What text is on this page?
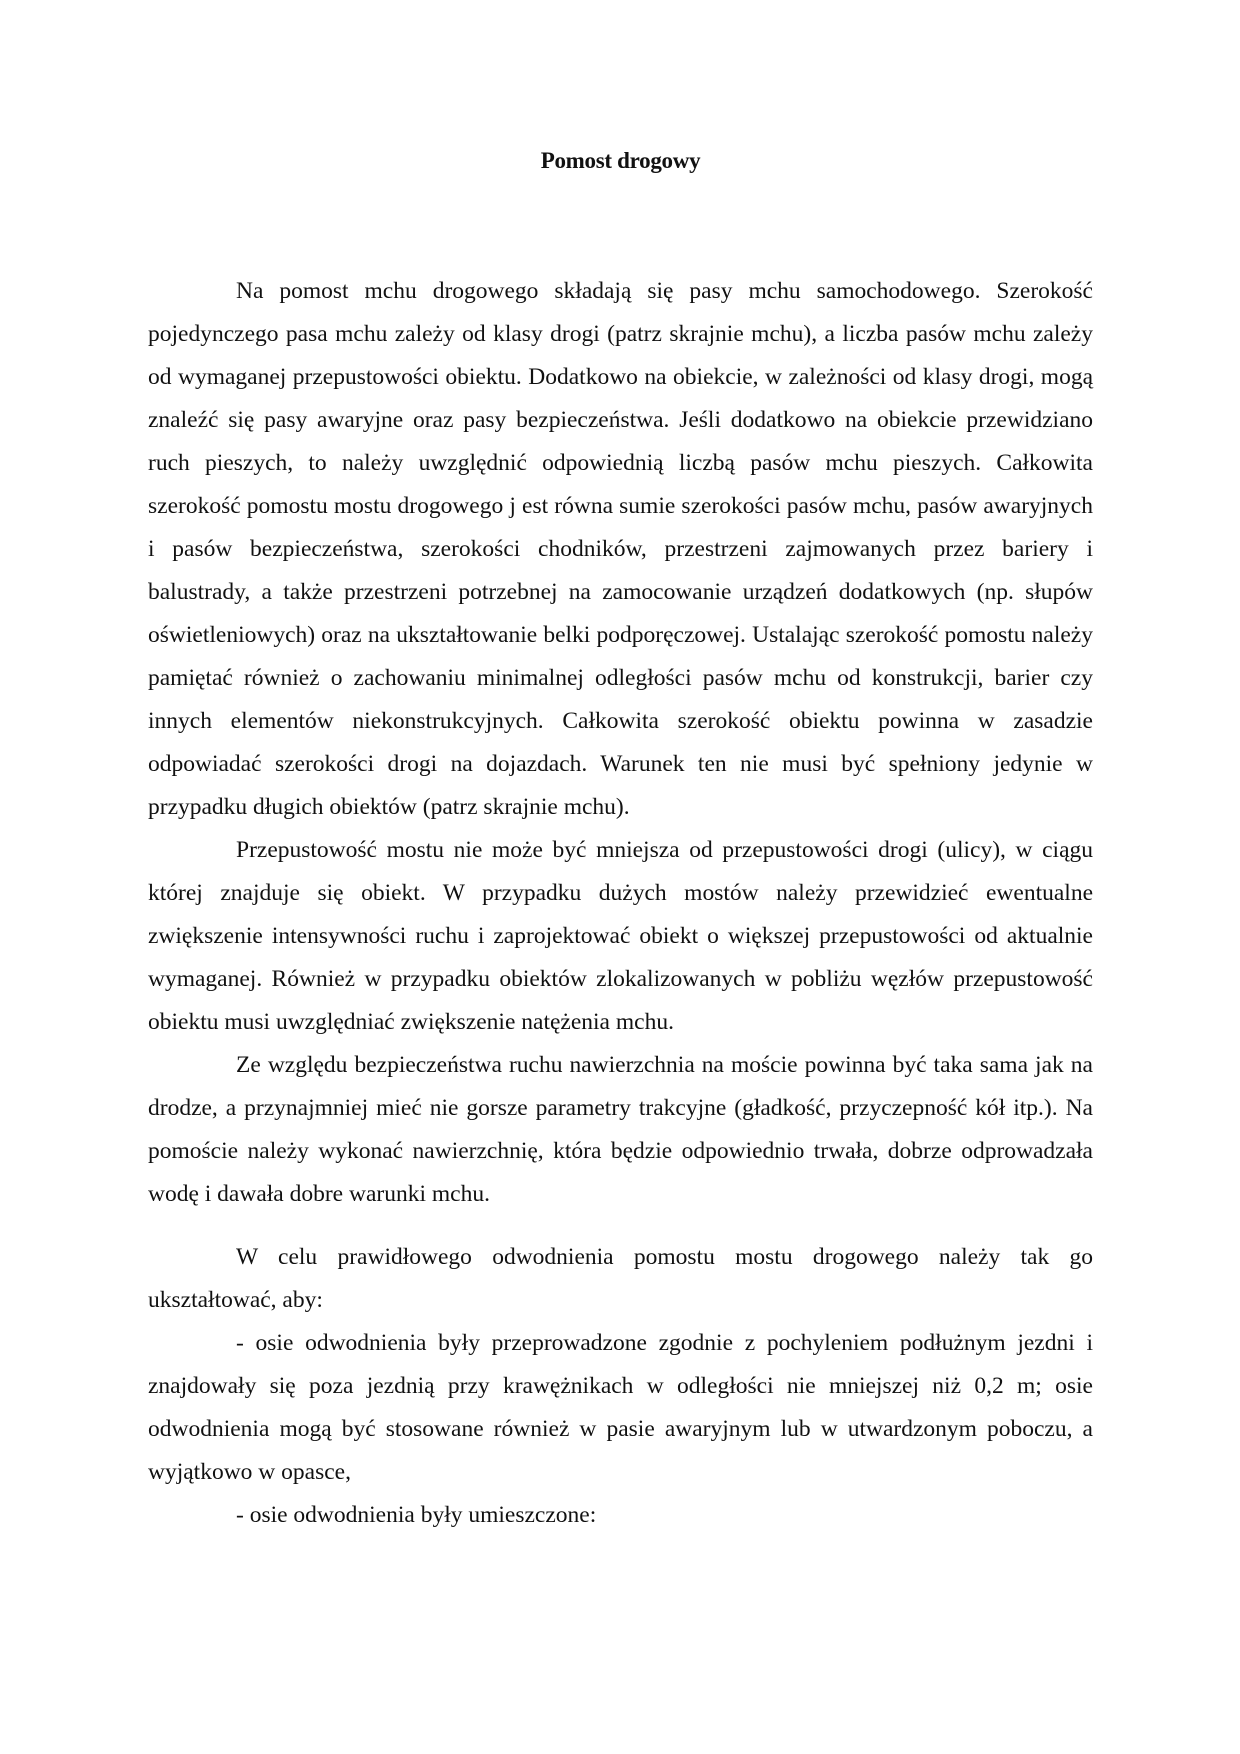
Pomost drogowy

Na pomost mchu drogowego składają się pasy mchu samochodowego. Szerokość pojedynczego pasa mchu zależy od klasy drogi (patrz skrajnie mchu), a liczba pasów mchu zależy od wymaganej przepustowości obiektu. Dodatkowo na obiekcie, w zależności od klasy drogi, mogą znaleźć się pasy awaryjne oraz pasy bezpieczeństwa. Jeśli dodatkowo na obiekcie przewidziano ruch pieszych, to należy uwzględnić odpowiednią liczbą pasów mchu pieszych. Całkowita szerokość pomostu mostu drogowego j est równa sumie szerokości pasów mchu, pasów awaryjnych i pasów bezpieczeństwa, szerokości chodników, przestrzeni zajmowanych przez bariery i balustrady, a także przestrzeni potrzebnej na zamocowanie urządzeń dodatkowych (np. słupów oświetleniowych) oraz na ukształtowanie belki podporęczowej. Ustalając szerokość pomostu należy pamiętać również o zachowaniu minimalnej odległości pasów mchu od konstrukcji, barier czy innych elementów niekonstrukcyjnych. Całkowita szerokość obiektu powinna w zasadzie odpowiadać szerokości drogi na dojazdach. Warunek ten nie musi być spełniony jedynie w przypadku długich obiektów (patrz skrajnie mchu).

Przepustowość mostu nie może być mniejsza od przepustowości drogi (ulicy), w ciągu której znajduje się obiekt. W przypadku dużych mostów należy przewidzieć ewentualne zwiększenie intensywności ruchu i zaprojektować obiekt o większej przepustowości od aktualnie wymaganej. Również w przypadku obiektów zlokalizowanych w pobliżu węzłów przepustowość obiektu musi uwzględniać zwiększenie natężenia mchu.

Ze względu bezpieczeństwa ruchu nawierzchnia na moście powinna być taka sama jak na drodze, a przynajmniej mieć nie gorsze parametry trakcyjne (gładkość, przyczepność kół itp.). Na pomoście należy wykonać nawierzchnię, która będzie odpowiednio trwała, dobrze odprowadzała wodę i dawała dobre warunki mchu.

W celu prawidłowego odwodnienia pomostu mostu drogowego należy tak go ukształtować, aby:

- osie odwodnienia były przeprowadzone zgodnie z pochyleniem podłużnym jezdni i znajdowały się poza jezdnią przy krawężnikach w odległości nie mniejszej niż 0,2 m; osie odwodnienia mogą być stosowane również w pasie awaryjnym lub w utwardzonym poboczu, a wyjątkowo w opasce,

- osie odwodnienia były umieszczone:
